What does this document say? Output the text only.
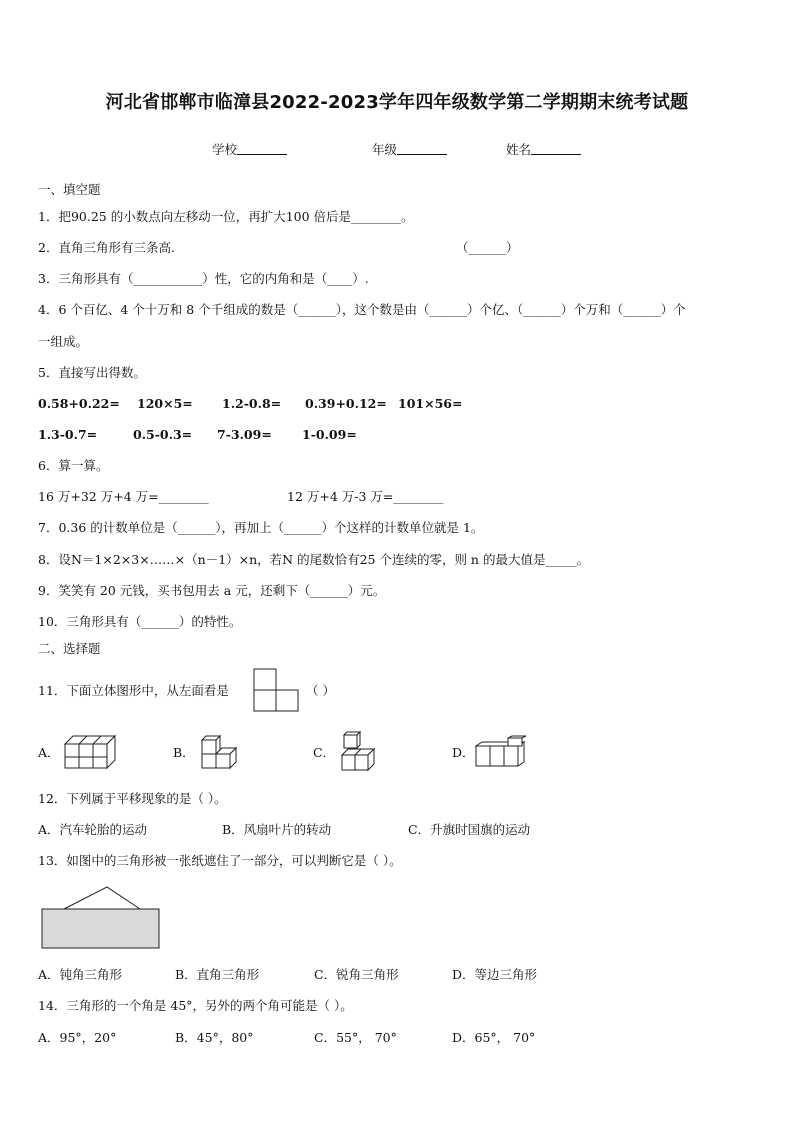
河北省邯郸市临漳县2022-2023学年四年级数学第二学期期末统考试题
学校	年级	姓名
一、填空题
1．把90.25 的小数点向左移动一位，再扩大100 倍后是________。
2．直角三角形有三条高.	（______）
3．三角形具有（___________）性，它的内角和是（____）.
4．6 个百亿、4 个十万和 8 个千组成的数是（______），这个数是由（______）个亿、（______）个万和（______）个
一组成。
5．直接写出得数。
0.58+0.22= 120×5= 1.2-0.8= 0.39+0.12= 101×56=
1.3-0.7=	0.5-0.3= 7-3.09= 1-0.09=
6．算一算。
16 万+32 万+4 万=________	12 万+4 万-3 万=________
7．0.36 的计数单位是（______），再加上（______）个这样的计数单位就是 1。
8．设N＝1×2×3×……×（n－1）×n，若N 的尾数恰有25 个连续的零，则 n 的最大值是_____。
9．笑笑有 20 元钱，买书包用去 a 元，还剩下（______）元。
10．三角形具有（______）的特性。
二、选择题
11．下面立体图形中，从左面看是	（ ）
A．	B．	C．	D．
12．下列属于平移现象的是（ ）。
A．汽车轮胎的运动	B．风扇叶片的转动	C．升旗时国旗的运动
13．如图中的三角形被一张纸遮住了一部分，可以判断它是（ ）。
A．钝角三角形	B．直角三角形	C．锐角三角形	D．等边三角形
14．三角形的一个角是 45°，另外的两个角可能是（ ）。
A．95°，20°	B．45°，80°	C．55°， 70°	D．65°， 70°
